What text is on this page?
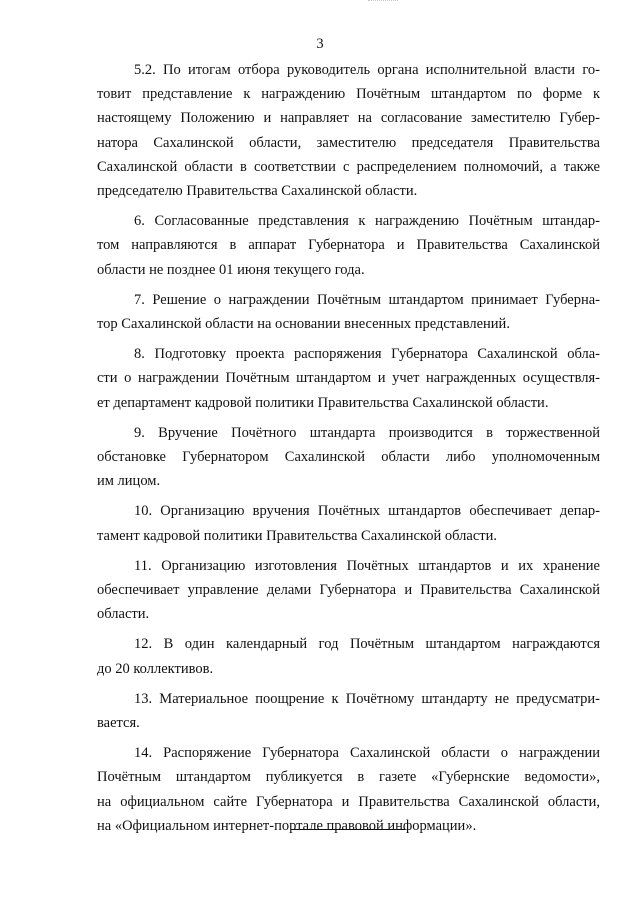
3

5.2. По итогам отбора руководитель органа исполнительной власти го-
товит представление к награждению Почётным штандартом по форме к
настоящему Положению и направляет на согласование заместителю Губер-
натора Сахалинской области, заместителю председателя Правительства
Сахалинской области в соответствии с распределением полномочий, а также
председателю Правительства Сахалинской области.

6. Согласованные представления к награждению Почётным штандар-
том направляются в аппарат Губернатора и Правительства Сахалинской
области не позднее 01 июня текущего года.

7. Решение о награждении Почётным штандартом принимает Губерна-
тор Сахалинской области на основании внесенных представлений.

8. Подготовку проекта распоряжения Губернатора Сахалинской обла-
сти о награждении Почётным штандартом и учет награжденных осуществля-
ет департамент кадровой политики Правительства Сахалинской области.

9. Вручение Почётного штандарта производится в торжественной
обстановке Губернатором Сахалинской области либо уполномоченным
им лицом.

10. Организацию вручения Почётных штандартов обеспечивает депар-
тамент кадровой политики Правительства Сахалинской области.

11. Организацию изготовления Почётных штандартов и их хранение
обеспечивает управление делами Губернатора и Правительства Сахалинской
области.

12. В один календарный год Почётным штандартом награждаются
до 20 коллективов.

13. Материальное поощрение к Почётному штандарту не предусматри-
вается.

14. Распоряжение Губернатора Сахалинской области о награждении
Почётным штандартом публикуется в газете «Губернские ведомости»,
на официальном сайте Губернатора и Правительства Сахалинской области,
на «Официальном интернет-портале правовой информации».
